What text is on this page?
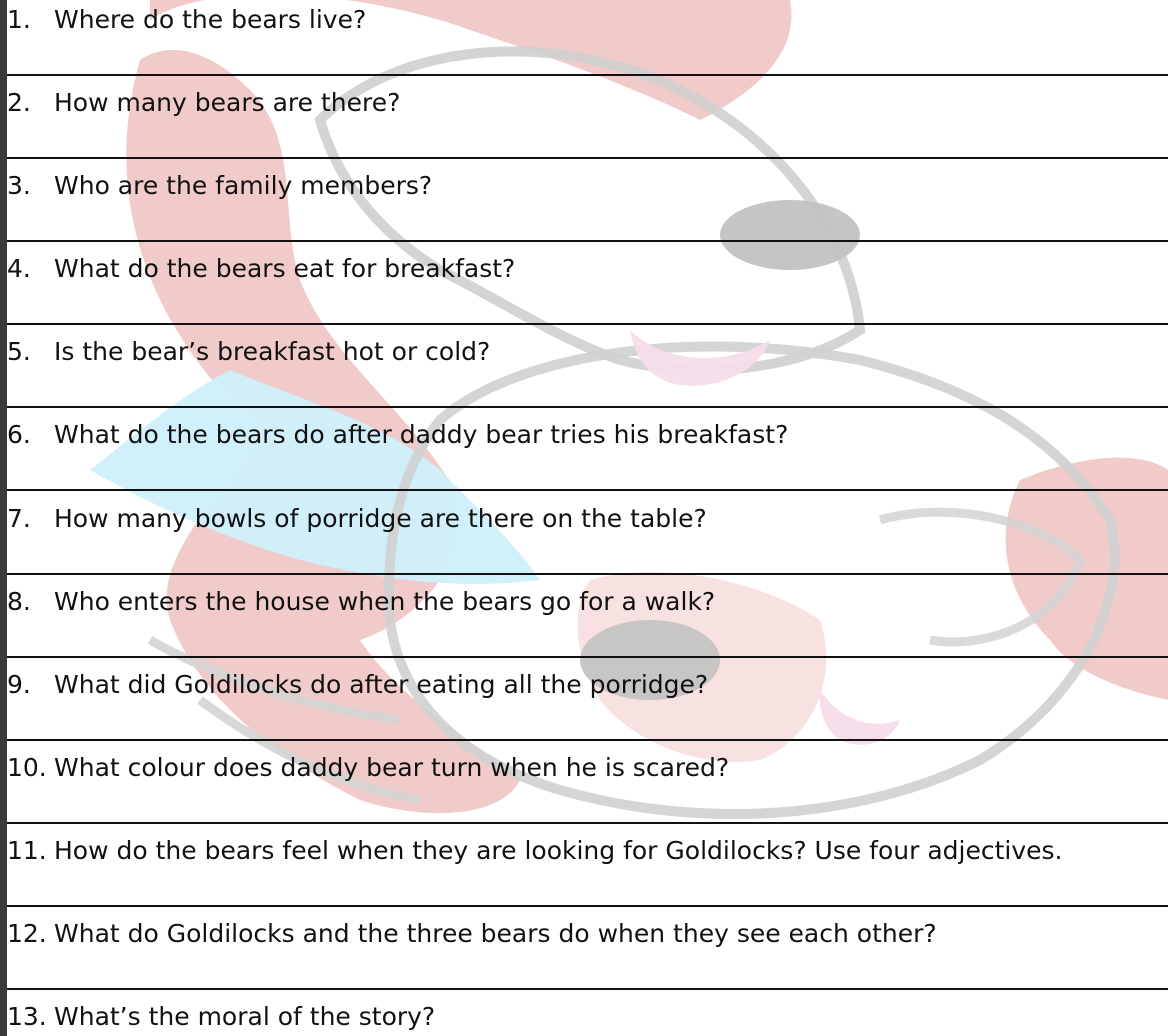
1. Where do the bears live?
2. How many bears are there?
3. Who are the family members?
4. What do the bears eat for breakfast?
5. Is the bear’s breakfast hot or cold?
6. What do the bears do after daddy bear tries his breakfast?
7. How many bowls of porridge are there on the table?
8. Who enters the house when the bears go for a walk?
9. What did Goldilocks do after eating all the porridge?
10. What colour does daddy bear turn when he is scared?
11. How do the bears feel when they are looking for Goldilocks? Use four adjectives.
12. What do Goldilocks and the three bears do when they see each other?
13. What’s the moral of the story?
